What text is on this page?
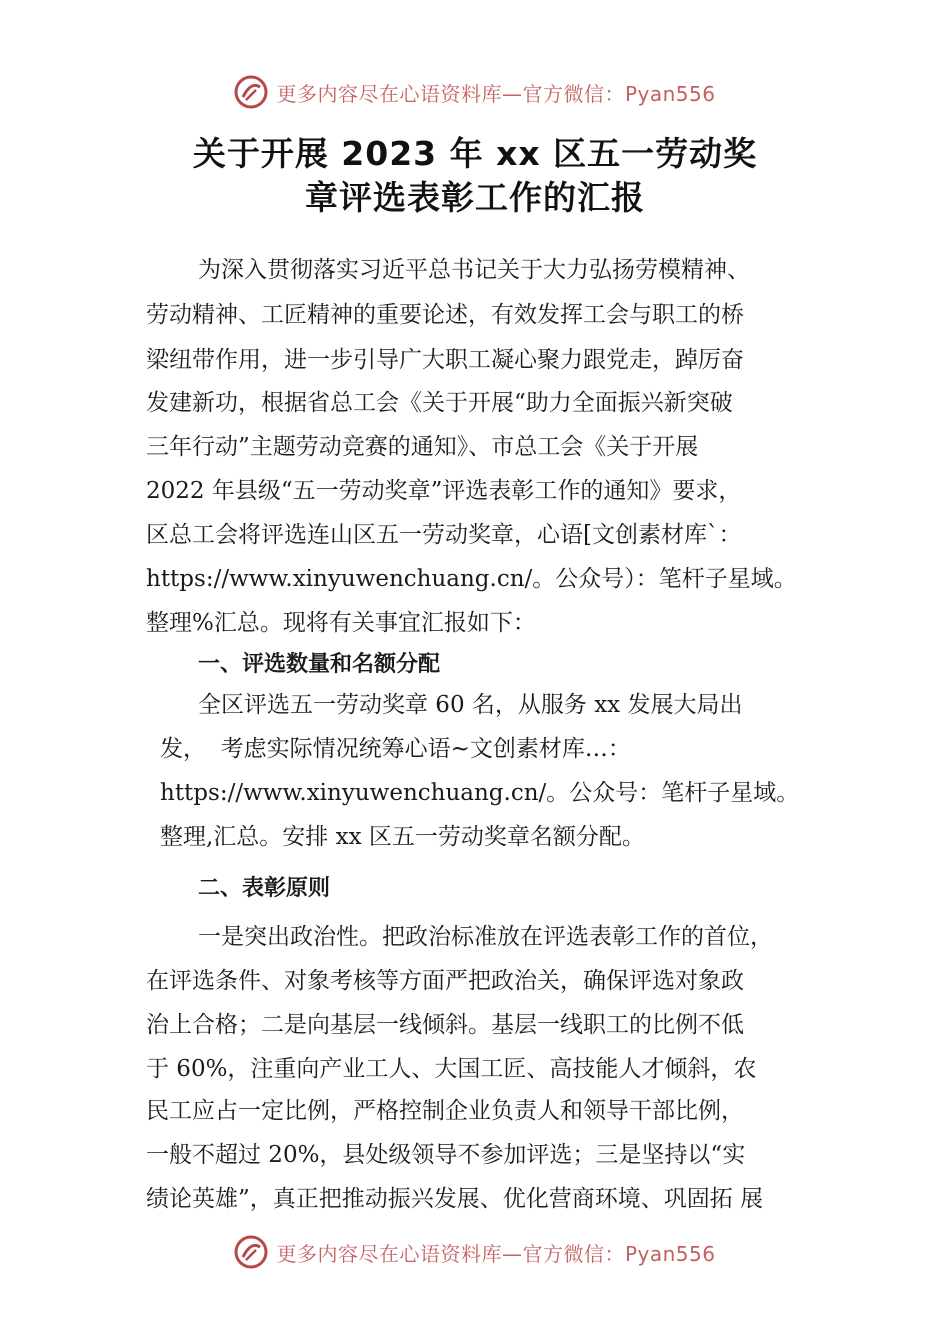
更多内容尽在心语资料库—官方微信：Pyan556
关于开展 2023 年 xx 区五一劳动奖
章评选表彰工作的汇报
为深入贯彻落实习近平总书记关于大力弘扬劳模精神、
劳动精神、工匠精神的重要论述，有效发挥工会与职工的桥
梁纽带作用，进一步引导广大职工凝心聚力跟党走，踔厉奋
发建新功，根据省总工会《关于开展“助力全面振兴新突破
三年行动”主题劳动竞赛的通知》、市总工会《关于开展
2022 年县级“五一劳动奖章”评选表彰工作的通知》要求，
区总工会将评选连山区五一劳动奖章，心语[文创素材库`：
https://www.xinyuwenchuang.cn/。公众号）：笔杆子星域。
整理%汇总。现将有关事宜汇报如下：
一、评选数量和名额分配
全区评选五一劳动奖章 60 名，从服务 xx 发展大局出
发，  考虑实际情况统筹心语~文创素材库…：
https://www.xinyuwenchuang.cn/。公众号：笔杆子星域。
整理,汇总。安排 xx 区五一劳动奖章名额分配。
二、表彰原则
一是突出政治性。把政治标准放在评选表彰工作的首位，
在评选条件、对象考核等方面严把政治关，确保评选对象政
治上合格；二是向基层一线倾斜。基层一线职工的比例不低
于 60%，注重向产业工人、大国工匠、高技能人才倾斜，农
民工应占一定比例，严格控制企业负责人和领导干部比例，
一般不超过 20%，县处级领导不参加评选；三是坚持以“实
绩论英雄”，真正把推动振兴发展、优化营商环境、巩固拓 展
更多内容尽在心语资料库—官方微信：Pyan556
